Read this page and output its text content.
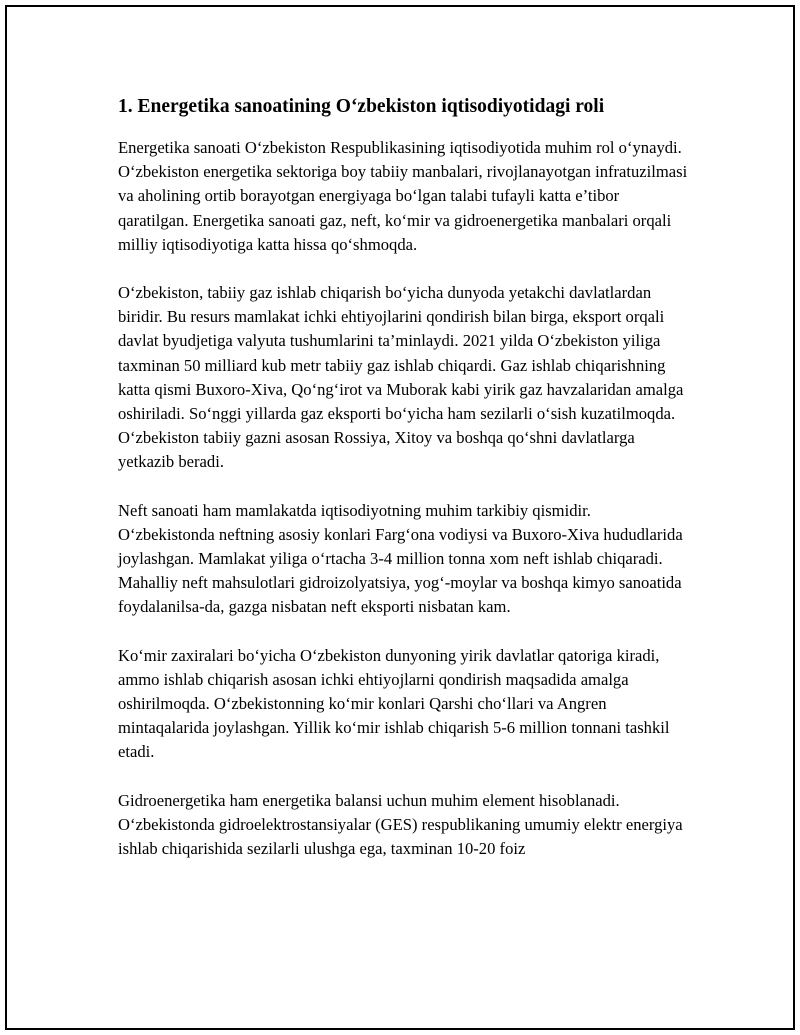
1. Energetika sanoatining O‘zbekiston iqtisodiyotidagi roli

Energetika sanoati O‘zbekiston Respublikasining iqtisodiyotida muhim rol o‘ynaydi. O‘zbekiston energetika sektoriga boy tabiiy manbalari, rivojlanayotgan infratuzilmasi va aholining ortib borayotgan energiyaga bo‘lgan talabi tufayli katta e’tibor qaratilgan. Energetika sanoati gaz, neft, ko‘mir va gidroenergetika manbalari orqali milliy iqtisodiyotiga katta hissa qo‘shmoqda.

O‘zbekiston, tabiiy gaz ishlab chiqarish bo‘yicha dunyoda yetakchi davlatlardan biridir. Bu resurs mamlakat ichki ehtiyojlarini qondirish bilan birga, eksport orqali davlat byudjetiga valyuta tushumlarini ta’minlaydi. 2021 yilda O‘zbekiston yiliga taxminan 50 milliard kub metr tabiiy gaz ishlab chiqardi. Gaz ishlab chiqarishning katta qismi Buxoro-Xiva, Qo‘ng‘irot va Muborak kabi yirik gaz havzalaridan amalga oshiriladi. So‘nggi yillarda gaz eksporti bo‘yicha ham sezilarli o‘sish kuzatilmoqda. O‘zbekiston tabiiy gazni asosan Rossiya, Xitoy va boshqa qo‘shni davlatlarga yetkazib beradi.

Neft sanoati ham mamlakatda iqtisodiyotning muhim tarkibiy qismidir. O‘zbekistonda neftning asosiy konlari Farg‘ona vodiysi va Buxoro-Xiva hududlarida joylashgan. Mamlakat yiliga o‘rtacha 3-4 million tonna xom neft ishlab chiqaradi. Mahalliy neft mahsulotlari gidroizolyatsiya, yog‘-moylar va boshqa kimyo sanoatida foydalanilsa-da, gazga nisbatan neft eksporti nisbatan kam.

Ko‘mir zaxiralari bo‘yicha O‘zbekiston dunyoning yirik davlatlar qatoriga kiradi, ammo ishlab chiqarish asosan ichki ehtiyojlarni qondirish maqsadida amalga oshirilmoqda. O‘zbekistonning ko‘mir konlari Qarshi cho‘llari va Angren mintaqalarida joylashgan. Yillik ko‘mir ishlab chiqarish 5-6 million tonnani tashkil etadi.

Gidroenergetika ham energetika balansi uchun muhim element hisoblanadi. O‘zbekistonda gidroelektrostansiyalar (GES) respublikaning umumiy elektr energiya ishlab chiqarishida sezilarli ulushga ega, taxminan 10-20 foiz
